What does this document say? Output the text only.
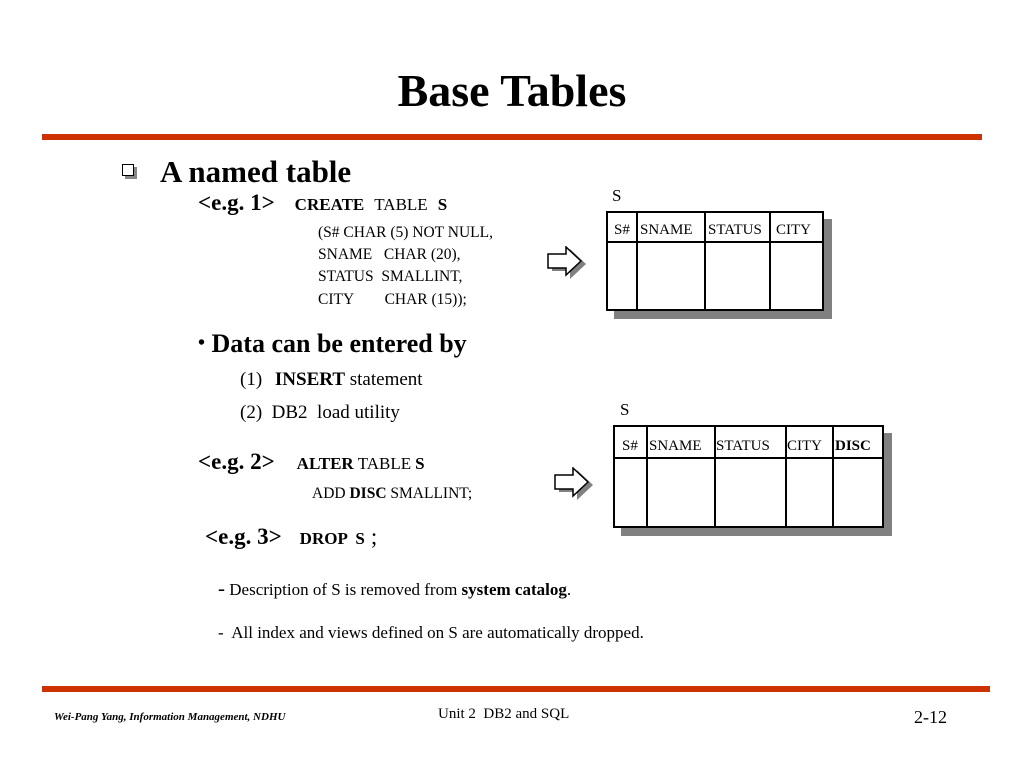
Base Tables
A named table
<e.g. 1> CREATE TABLE S
(S# CHAR (5) NOT NULL,
SNAME   CHAR (20),
STATUS  SMALLINT,
CITY        CHAR (15));
• Data can be entered by
(1) INSERT statement
(2)  DB2  load utility
<e.g. 2> ALTER TABLE S
ADD DISC SMALLINT;
<e.g. 3> DROP  S ;
- Description of S is removed from system catalog.
-  All index and views defined on S are automatically dropped.
S
S# SNAME STATUS CITY
S
S# SNAME STATUS CITY DISC
Wei-Pang Yang, Information Management, NDHU	Unit 2  DB2 and SQL	2-12
